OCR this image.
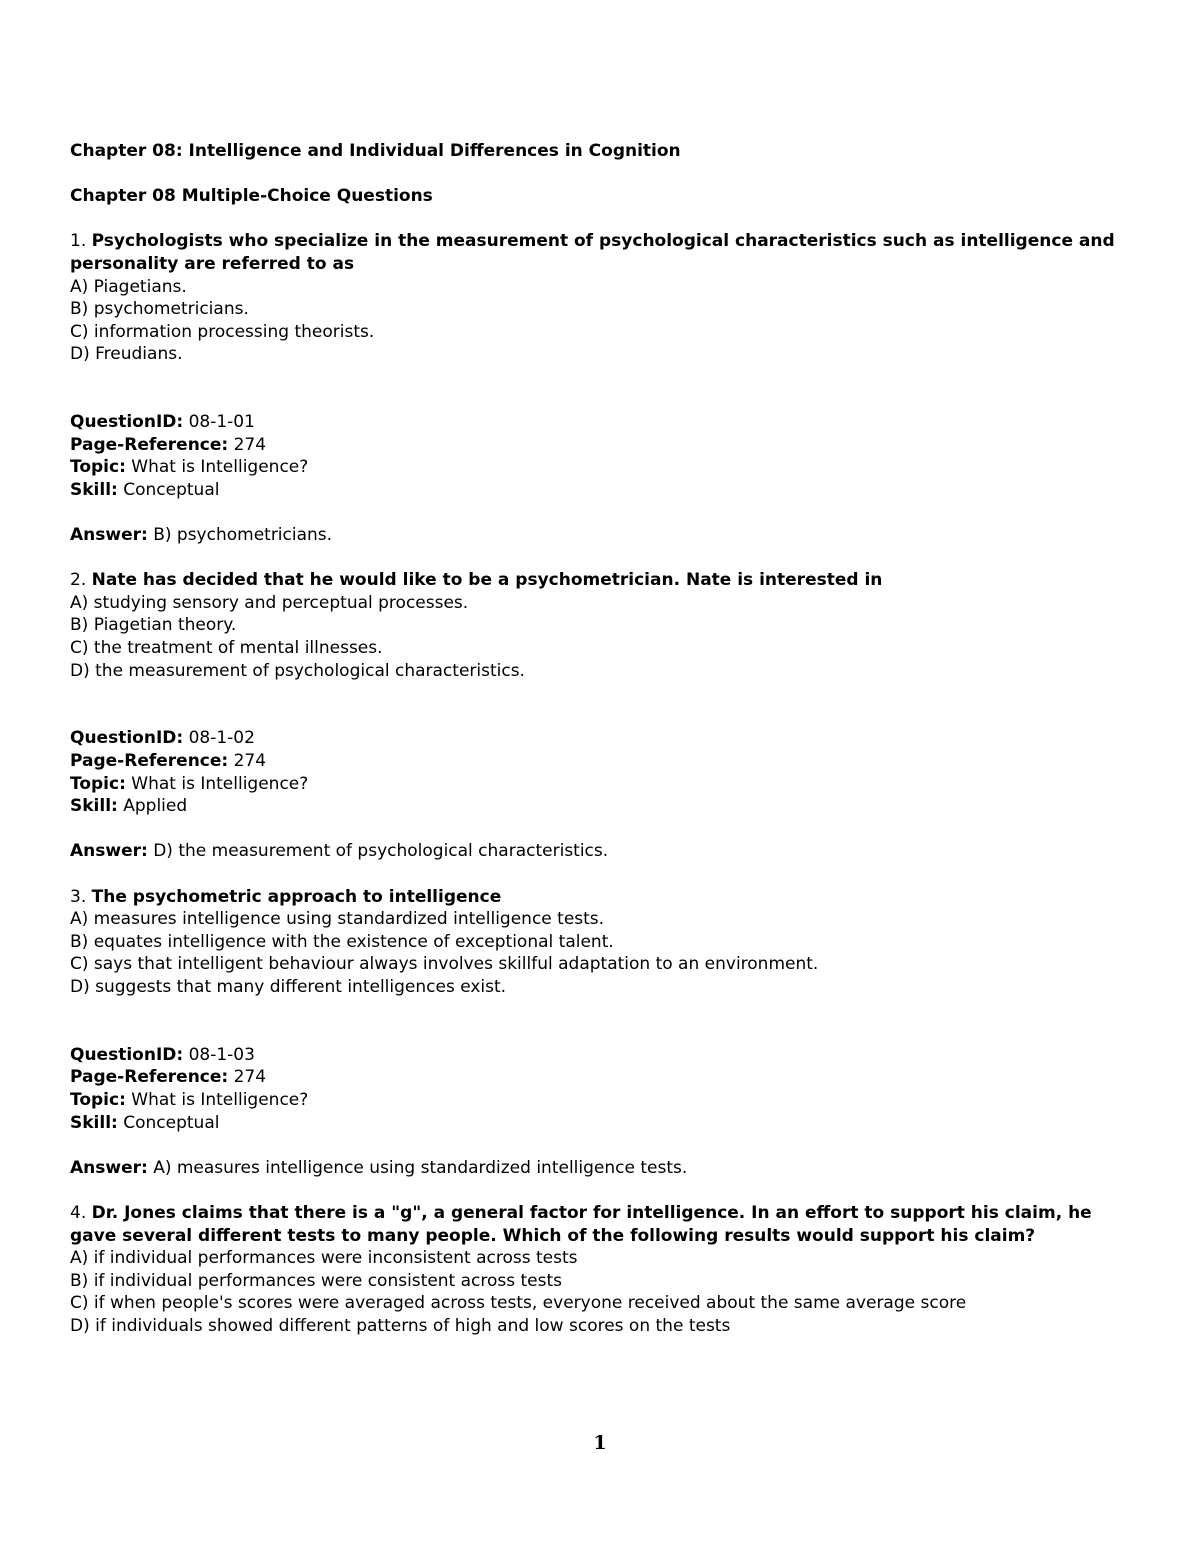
Chapter 08: Intelligence and Individual Differences in Cognition
Chapter 08 Multiple-Choice Questions
1. Psychologists who specialize in the measurement of psychological characteristics such as intelligence and personality are referred to as
A) Piagetians.
B) psychometricians.
C) information processing theorists.
D) Freudians.
QuestionID: 08-1-01
Page-Reference: 274
Topic: What is Intelligence?
Skill: Conceptual
Answer: B) psychometricians.
2. Nate has decided that he would like to be a psychometrician. Nate is interested in
A) studying sensory and perceptual processes.
B) Piagetian theory.
C) the treatment of mental illnesses.
D) the measurement of psychological characteristics.
QuestionID: 08-1-02
Page-Reference: 274
Topic: What is Intelligence?
Skill: Applied
Answer: D) the measurement of psychological characteristics.
3. The psychometric approach to intelligence
A) measures intelligence using standardized intelligence tests.
B) equates intelligence with the existence of exceptional talent.
C) says that intelligent behaviour always involves skillful adaptation to an environment.
D) suggests that many different intelligences exist.
QuestionID: 08-1-03
Page-Reference: 274
Topic: What is Intelligence?
Skill: Conceptual
Answer: A) measures intelligence using standardized intelligence tests.
4. Dr. Jones claims that there is a "g", a general factor for intelligence. In an effort to support his claim, he gave several different tests to many people. Which of the following results would support his claim?
A) if individual performances were inconsistent across tests
B) if individual performances were consistent across tests
C) if when people's scores were averaged across tests, everyone received about the same average score
D) if individuals showed different patterns of high and low scores on the tests
1
